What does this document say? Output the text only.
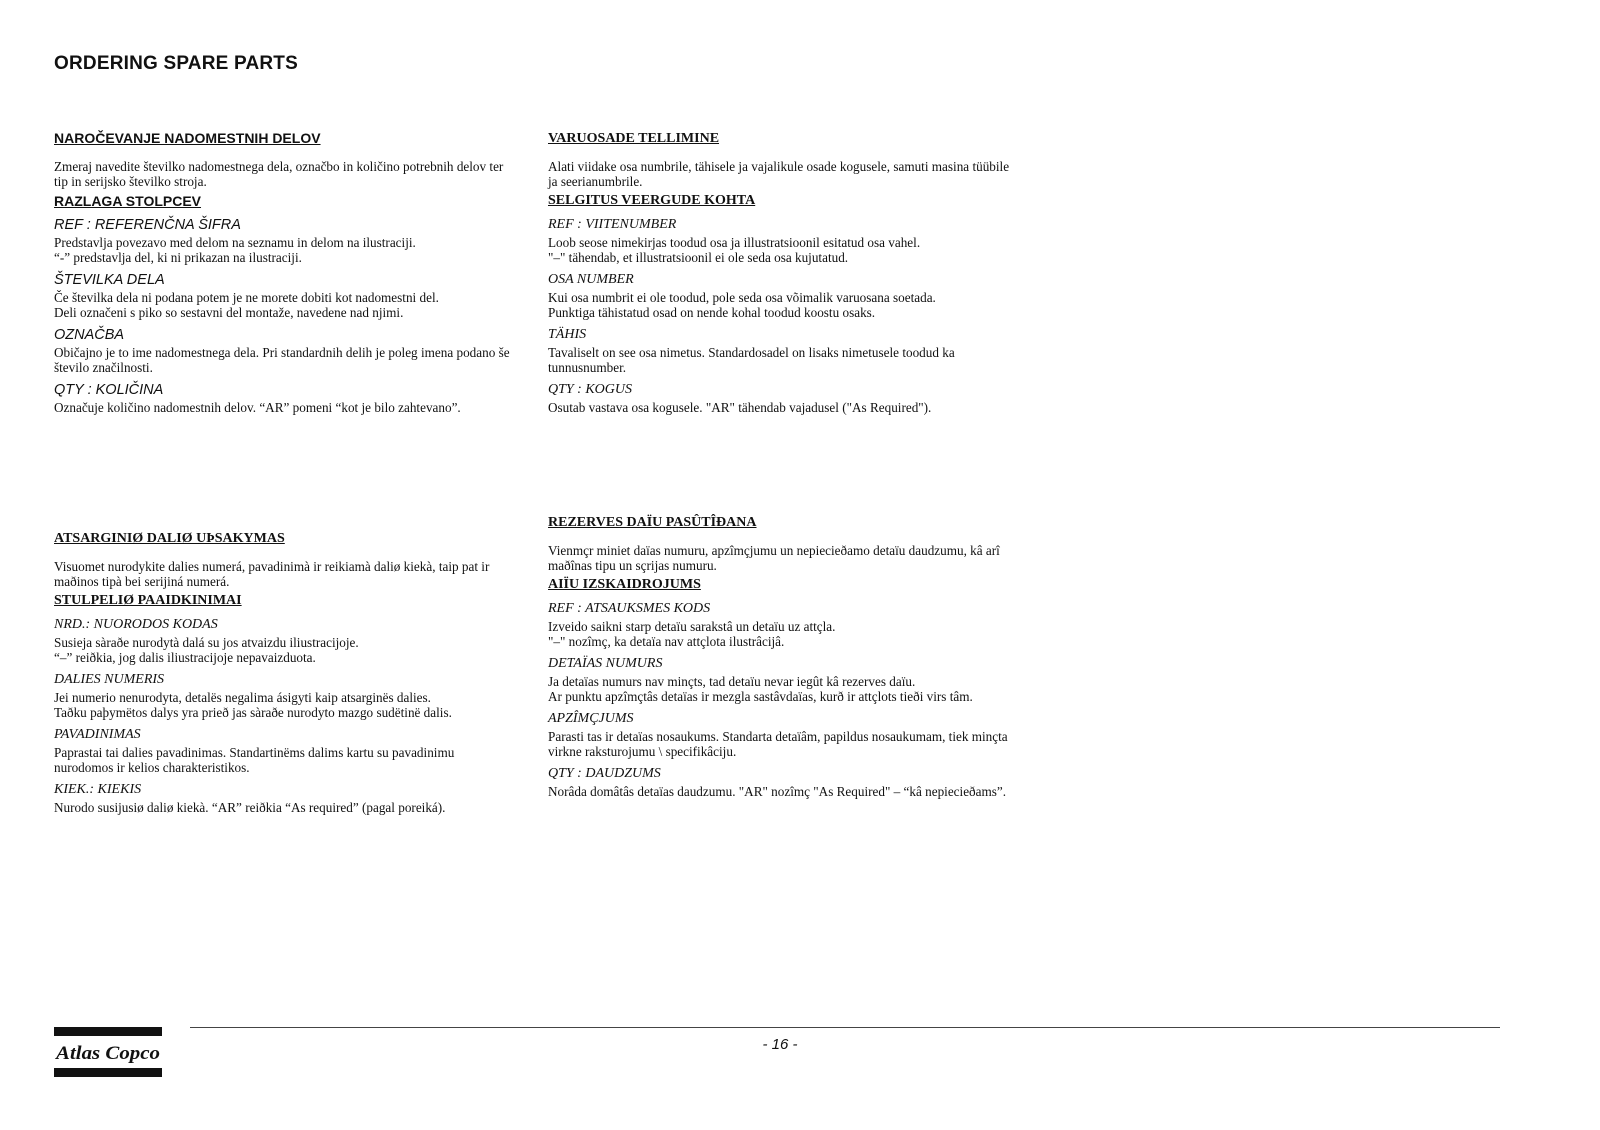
ORDERING SPARE PARTS

NAROČEVANJE NADOMESTNIH DELOV

Zmeraj navedite številko nadomestnega dela, označbo in količino potrebnih delov ter tip in serijsko številko stroja.

RAZLAGA STOLPCEV

REF : REFERENČNA ŠIFRA

Predstavlja povezavo med delom na seznamu in delom na ilustraciji.
“-” predstavlja del, ki ni prikazan na ilustraciji.

ŠTEVILKA DELA

Če številka dela ni podana potem je ne morete dobiti kot nadomestni del.
Deli označeni s piko so sestavni del montaže, navedene nad njimi.

OZNAČBA

Običajno je to ime nadomestnega dela. Pri standardnih delih je poleg imena podano še število značilnosti.

QTY : KOLIČINA

Označuje količino nadomestnih delov. “AR” pomeni “kot je bilo zahtevano”.

VARUOSADE TELLIMINE

Alati viidake osa numbrile, tähisele ja vajalikule osade kogusele, samuti masina tüübile ja seerianumbrile.

SELGITUS VEERGUDE KOHTA

REF : VIITENUMBER

Loob seose nimekirjas toodud osa ja illustratsioonil esitatud osa vahel.
"–" tähendab, et illustratsioonil ei ole seda osa kujutatud.

OSA NUMBER

Kui osa numbrit ei ole toodud, pole seda osa võimalik varuosana soetada.
Punktiga tähistatud osad on nende kohal toodud koostu osaks.

TÄHIS

Tavaliselt on see osa nimetus. Standardosadel on lisaks nimetusele toodud ka tunnusnumber.

QTY : KOGUS

Osutab vastava osa kogusele. "AR" tähendab vajadusel ("As Required").

ATSARGINIØ DALIØ UÞSAKYMAS

Visuomet nurodykite dalies numerá, pavadinimà ir reikiamà daliø kiekà, taip pat ir maðinos tipà bei serijiná numerá.

STULPELIØ PAAIDKINIMAI

NRD.: NUORODOS KODAS

Susieja sàraðe nurodytà dalá su jos atvaizdu iliustracijoje.
“–” reiðkia, jog dalis iliustracijoje nepavaizduota.

DALIES NUMERIS

Jei numerio nenurodyta, detalës negalima ásigyti kaip atsarginës dalies.
Taðku paþymëtos dalys yra prieð jas sàraðe nurodyto mazgo sudëtinë dalis.

PAVADINIMAS

Paprastai tai dalies pavadinimas. Standartinëms dalims kartu su pavadinimu nurodomos ir kelios charakteristikos.

KIEK.: KIEKIS

Nurodo susijusiø daliø kiekà. “AR” reiðkia “As required” (pagal poreiká).

REZERVES DAÏU PASÛTÎÐANA

Vienmçr miniet daïas numuru, apzîmçjumu un nepiecieðamo detaïu daudzumu, kâ arî maðînas tipu un sçrijas numuru.

AIÏU IZSKAIDROJUMS

REF : ATSAUKSMES KODS

Izveido saikni starp detaïu sarakstâ un detaïu uz attçla.
"–" nozîmç, ka detaïa nav attçlota ilustrâcijâ.

DETAÏAS NUMURS

Ja detaïas numurs nav minçts, tad detaïu nevar iegût kâ rezerves daïu.
Ar punktu apzîmçtâs detaïas ir mezgla sastâvdaïas, kurð ir attçlots tieði virs tâm.

APZÎMÇJUMS

Parasti tas ir detaïas nosaukums. Standarta detaïâm, papildus nosaukumam, tiek minçta virkne raksturojumu \ specifikâciju.

QTY : DAUDZUMS

Norâda domâtâs detaïas daudzumu. "AR" nozîmç "As Required" – “kâ nepiecieðams”.

Atlas Copco	- 16 -
